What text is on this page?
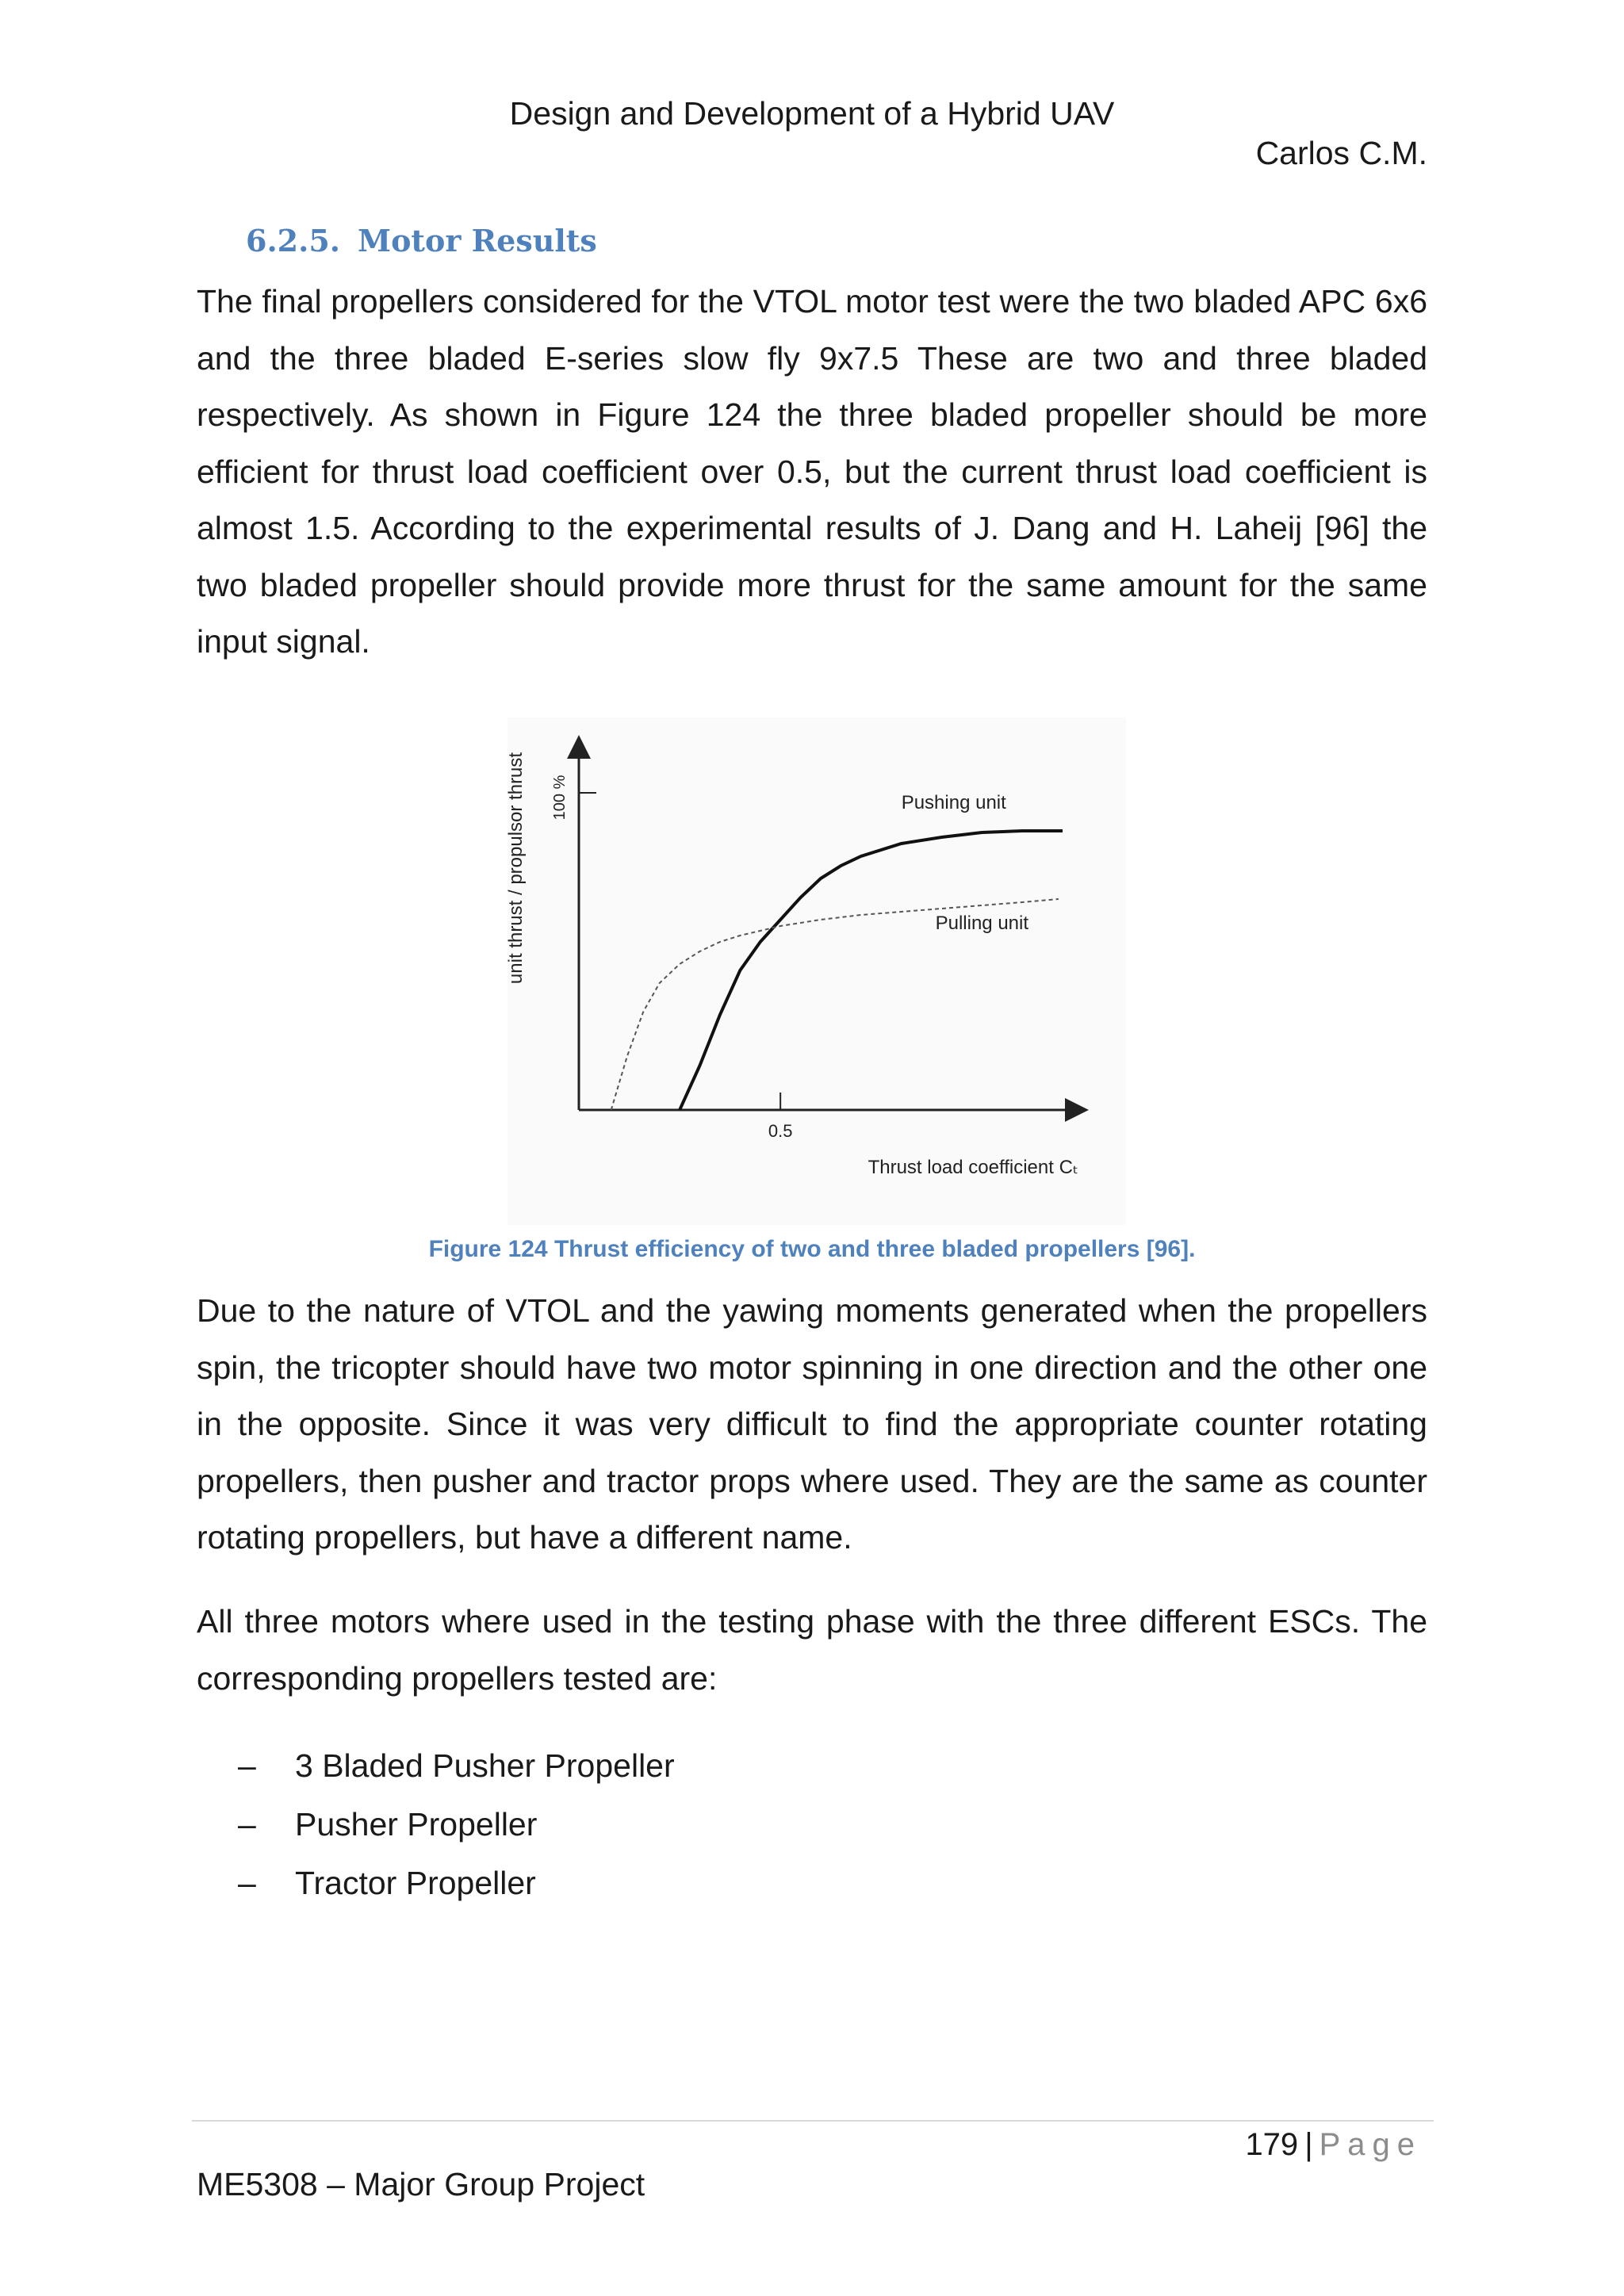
Design and Development of a Hybrid UAV
Carlos C.M.
6.2.5. Motor Results

The final propellers considered for the VTOL motor test were the two bladed APC 6x6 and the three bladed E-series slow fly 9x7.5 These are two and three bladed respectively. As shown in Figure 124 the three bladed propeller should be more efficient for thrust load coefficient over 0.5, but the current thrust load coefficient is almost 1.5. According to the experimental results of J. Dang and H. Laheij [96] the two bladed propeller should provide more thrust for the same amount for the same input signal.

100 %
0.5
Thrust load coefficient Cₜ
unit thrust / propulsor thrust	Pushing unit
Pulling unit
Figure 124 Thrust efficiency of two and three bladed propellers [96].

Due to the nature of VTOL and the yawing moments generated when the propellers spin, the tricopter should have two motor spinning in one direction and the other one in the opposite. Since it was very difficult to find the appropriate counter rotating propellers, then pusher and tractor props where used. They are the same as counter rotating propellers, but have a different name.

All three motors where used in the testing phase with the three different ESCs. The corresponding propellers tested are:

–	3 Bladed Pusher Propeller
–	Pusher Propeller
–	Tractor Propeller
179 | Page
ME5308 – Major Group Project
